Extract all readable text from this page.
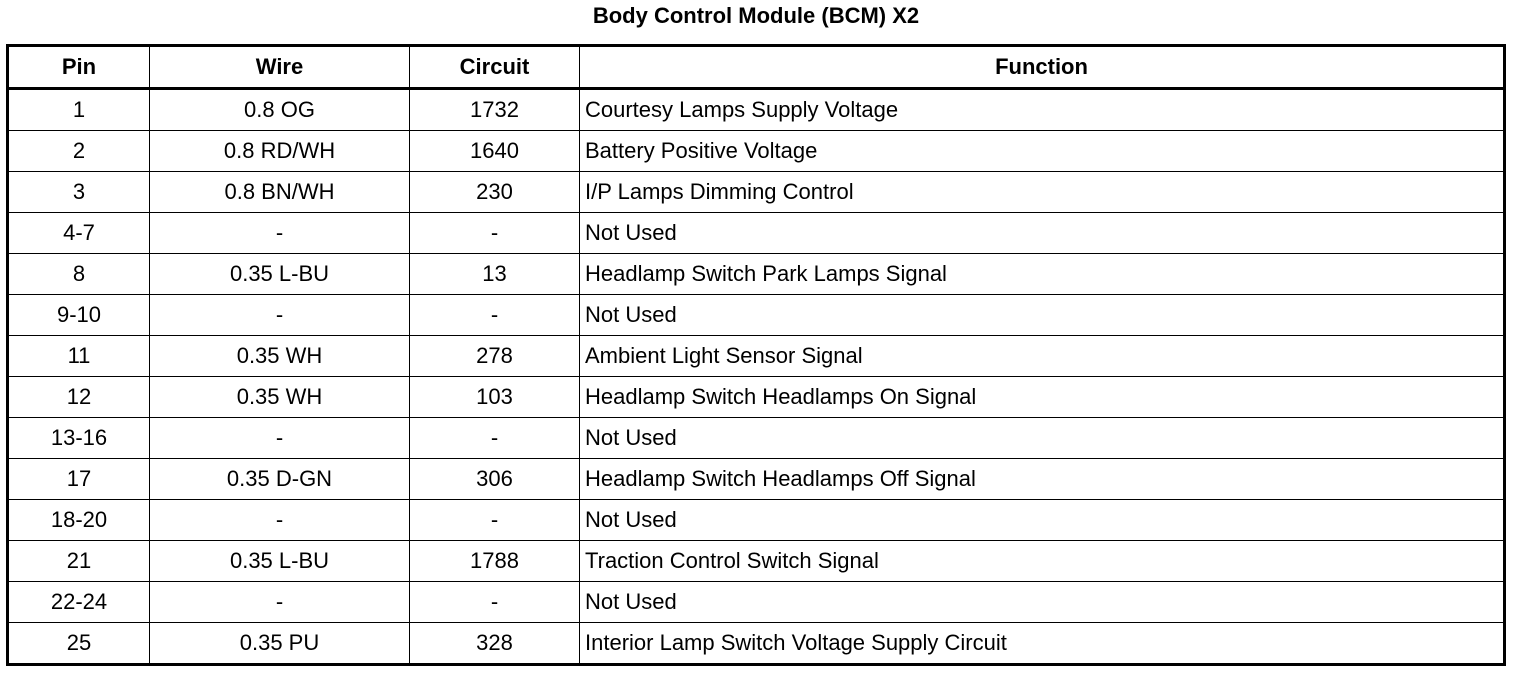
Body Control Module (BCM) X2
Pin	Wire	Circuit	Function
1	0.8 OG	1732	Courtesy Lamps Supply Voltage
2	0.8 RD/WH	1640	Battery Positive Voltage
3	0.8 BN/WH	230	I/P Lamps Dimming Control
4-7	-	-	Not Used
8	0.35 L-BU	13	Headlamp Switch Park Lamps Signal
9-10	-	-	Not Used
11	0.35 WH	278	Ambient Light Sensor Signal
12	0.35 WH	103	Headlamp Switch Headlamps On Signal
13-16	-	-	Not Used
17	0.35 D-GN	306	Headlamp Switch Headlamps Off Signal
18-20	-	-	Not Used
21	0.35 L-BU	1788	Traction Control Switch Signal
22-24	-	-	Not Used
25	0.35 PU	328	Interior Lamp Switch Voltage Supply Circuit
